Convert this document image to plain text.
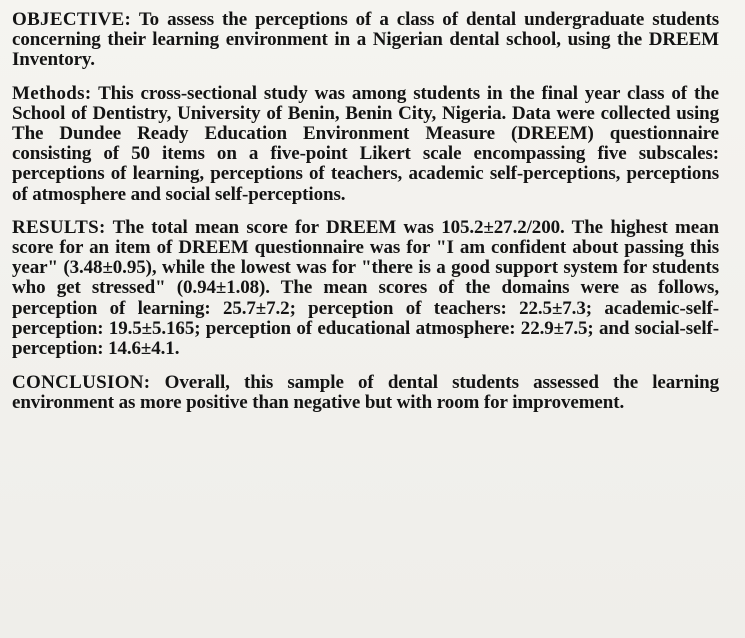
OBJECTIVE: To assess the perceptions of a class of dental undergraduate students concerning their learning environment in a Nigerian dental school, using the DREEM Inventory.

Methods: This cross-sectional study was among students in the final year class of the School of Dentistry, University of Benin, Benin City, Nigeria. Data were collected using The Dundee Ready Education Environment Measure (DREEM) questionnaire consisting of 50 items on a five-point Likert scale encompassing five subscales: perceptions of learning, perceptions of teachers, academic self-perceptions, perceptions of atmosphere and social self-perceptions.

RESULTS: The total mean score for DREEM was 105.2±27.2/200. The highest mean score for an item of DREEM questionnaire was for "I am confident about passing this year" (3.48±0.95), while the lowest was for "there is a good support system for students who get stressed" (0.94±1.08). The mean scores of the domains were as follows, perception of learning: 25.7±7.2; perception of teachers: 22.5±7.3; academic-self-perception: 19.5±5.165; perception of educational atmosphere: 22.9±7.5; and social-self-perception: 14.6±4.1.

CONCLUSION: Overall, this sample of dental students assessed the learning environment as more positive than negative but with room for improvement.
